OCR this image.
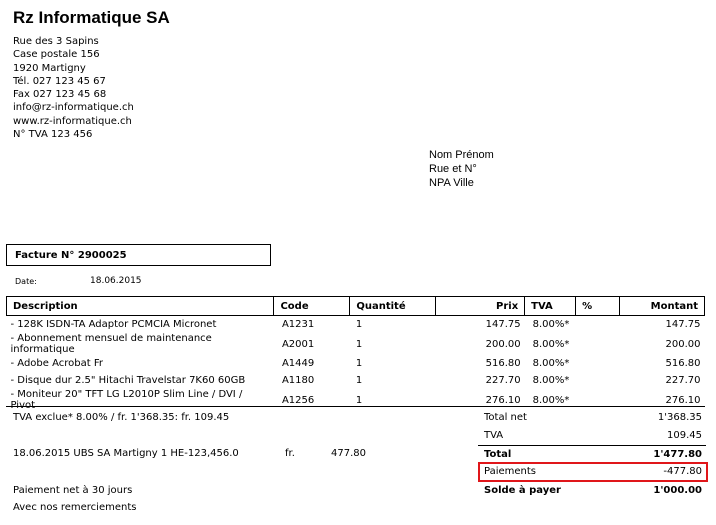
Rz Informatique SA
Rue des 3 Sapins
Case postale 156
1920 Martigny
Tél. 027 123 45 67
Fax 027 123 45 68
info@rz-informatique.ch
www.rz-informatique.ch
N° TVA 123 456
Nom Prénom
Rue et N°
NPA Ville
Facture N° 2900025
Date:	18.06.2015
Description	Code	Quantité	Prix	TVA	%	Montant
- 128K ISDN-TA Adaptor PCMCIA Micronet	A1231	1	147.75	8.00%*		147.75
- Abonnement mensuel de maintenance informatique	A2001	1	200.00	8.00%*		200.00
- Adobe Acrobat Fr	A1449	1	516.80	8.00%*		516.80
- Disque dur 2.5" Hitachi Travelstar 7K60 60GB	A1180	1	227.70	8.00%*		227.70
- Moniteur 20" TFT LG L2010P Slim Line / DVI /	A1256	1	276.10	8.00%*		276.10
TVA exclue* 8.00% / fr. 1'368.35: fr. 109.45
18.06.2015 UBS SA Martigny 1 HE-123,456.0	fr.	477.80
Total net	1'368.35
TVA	109.45
Total	1'477.80
Paiements	-477.80
Solde à payer	1'000.00
Paiement net à 30 jours
Avec nos remerciements
